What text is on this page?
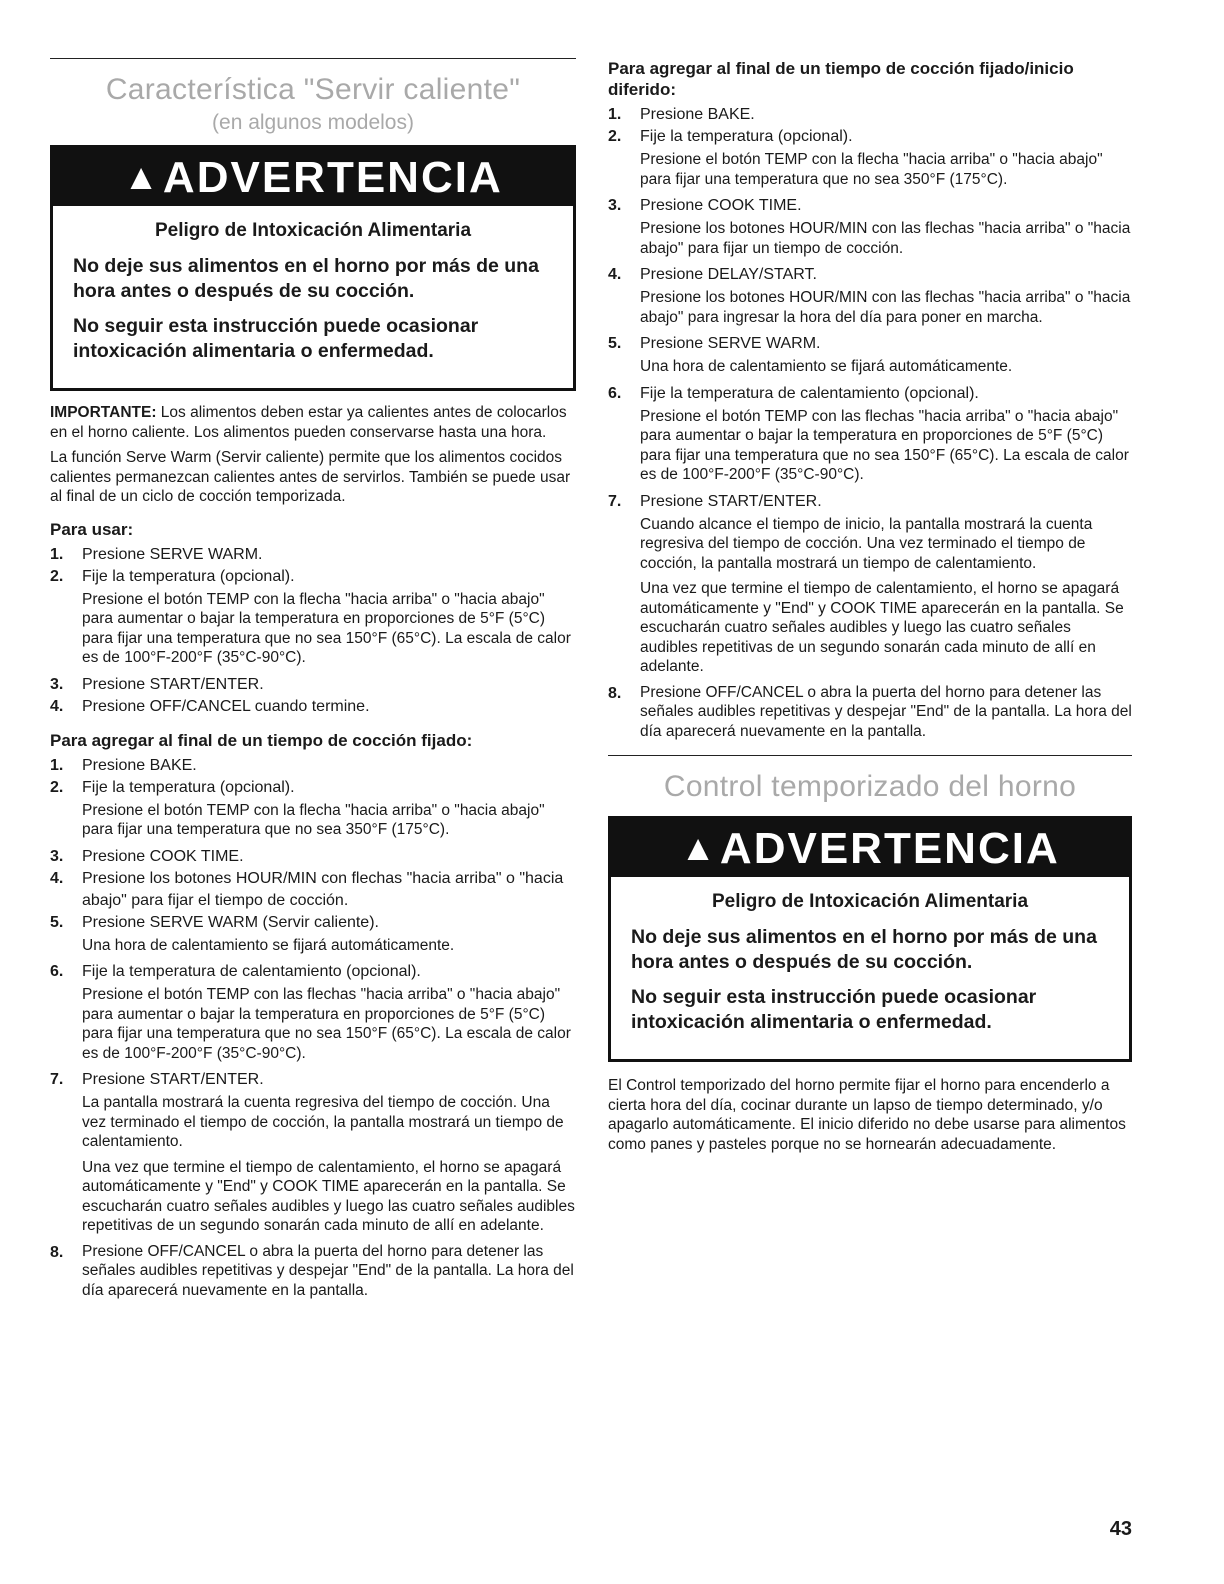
Característica "Servir caliente"
(en algunos modelos)
▲ADVERTENCIA
Peligro de Intoxicación Alimentaria

No deje sus alimentos en el horno por más de una hora antes o después de su cocción.

No seguir esta instrucción puede ocasionar intoxicación alimentaria o enfermedad.

IMPORTANTE: Los alimentos deben estar ya calientes antes de colocarlos en el horno caliente. Los alimentos pueden conservarse hasta una hora.

La función Serve Warm (Servir caliente) permite que los alimentos cocidos calientes permanezcan calientes antes de servirlos. También se puede usar al final de un ciclo de cocción temporizada.

Para usar:
1. Presione SERVE WARM.
2. Fije la temperatura (opcional).
Presione el botón TEMP con la flecha "hacia arriba" o "hacia abajo" para aumentar o bajar la temperatura en proporciones de 5°F (5°C) para fijar una temperatura que no sea 150°F (65°C). La escala de calor es de 100°F-200°F (35°C-90°C).
3. Presione START/ENTER.
4. Presione OFF/CANCEL cuando termine.
Para agregar al final de un tiempo de cocción fijado:
1. Presione BAKE.
2. Fije la temperatura (opcional).
Presione el botón TEMP con la flecha "hacia arriba" o "hacia abajo" para fijar una temperatura que no sea 350°F (175°C).
3. Presione COOK TIME.
4. Presione los botones HOUR/MIN con flechas "hacia arriba" o "hacia abajo" para fijar el tiempo de cocción.
5. Presione SERVE WARM (Servir caliente).
Una hora de calentamiento se fijará automáticamente.
6. Fije la temperatura de calentamiento (opcional).
Presione el botón TEMP con las flechas "hacia arriba" o "hacia abajo" para aumentar o bajar la temperatura en proporciones de 5°F (5°C) para fijar una temperatura que no sea 150°F (65°C). La escala de calor es de 100°F-200°F (35°C-90°C).
7. Presione START/ENTER.
La pantalla mostrará la cuenta regresiva del tiempo de cocción. Una vez terminado el tiempo de cocción, la pantalla mostrará un tiempo de calentamiento.
Una vez que termine el tiempo de calentamiento, el horno se apagará automáticamente y "End" y COOK TIME aparecerán en la pantalla. Se escucharán cuatro señales audibles y luego las cuatro señales audibles repetitivas de un segundo sonarán cada minuto de allí en adelante.
8. Presione OFF/CANCEL o abra la puerta del horno para detener las señales audibles repetitivas y despejar "End" de la pantalla. La hora del día aparecerá nuevamente en la pantalla.
Para agregar al final de un tiempo de cocción fijado/inicio diferido:
1. Presione BAKE.
2. Fije la temperatura (opcional).
Presione el botón TEMP con la flecha "hacia arriba" o "hacia abajo" para fijar una temperatura que no sea 350°F (175°C).
3. Presione COOK TIME.
Presione los botones HOUR/MIN con las flechas "hacia arriba" o "hacia abajo" para fijar un tiempo de cocción.
4. Presione DELAY/START.
Presione los botones HOUR/MIN con las flechas "hacia arriba" o "hacia abajo" para ingresar la hora del día para poner en marcha.
5. Presione SERVE WARM.
Una hora de calentamiento se fijará automáticamente.
6. Fije la temperatura de calentamiento (opcional).
Presione el botón TEMP con las flechas "hacia arriba" o "hacia abajo" para aumentar o bajar la temperatura en proporciones de 5°F (5°C) para fijar una temperatura que no sea 150°F (65°C). La escala de calor es de 100°F-200°F (35°C-90°C).
7. Presione START/ENTER.
Cuando alcance el tiempo de inicio, la pantalla mostrará la cuenta regresiva del tiempo de cocción. Una vez terminado el tiempo de cocción, la pantalla mostrará un tiempo de calentamiento.
Una vez que termine el tiempo de calentamiento, el horno se apagará automáticamente y "End" y COOK TIME aparecerán en la pantalla. Se escucharán cuatro señales audibles y luego las cuatro señales audibles repetitivas de un segundo sonarán cada minuto de allí en adelante.
8. Presione OFF/CANCEL o abra la puerta del horno para detener las señales audibles repetitivas y despejar "End" de la pantalla. La hora del día aparecerá nuevamente en la pantalla.
Control temporizado del horno
▲ADVERTENCIA
Peligro de Intoxicación Alimentaria

No deje sus alimentos en el horno por más de una hora antes o después de su cocción.

No seguir esta instrucción puede ocasionar intoxicación alimentaria o enfermedad.

El Control temporizado del horno permite fijar el horno para encenderlo a cierta hora del día, cocinar durante un lapso de tiempo determinado, y/o apagarlo automáticamente. El inicio diferido no debe usarse para alimentos como panes y pasteles porque no se hornearán adecuadamente.

43
